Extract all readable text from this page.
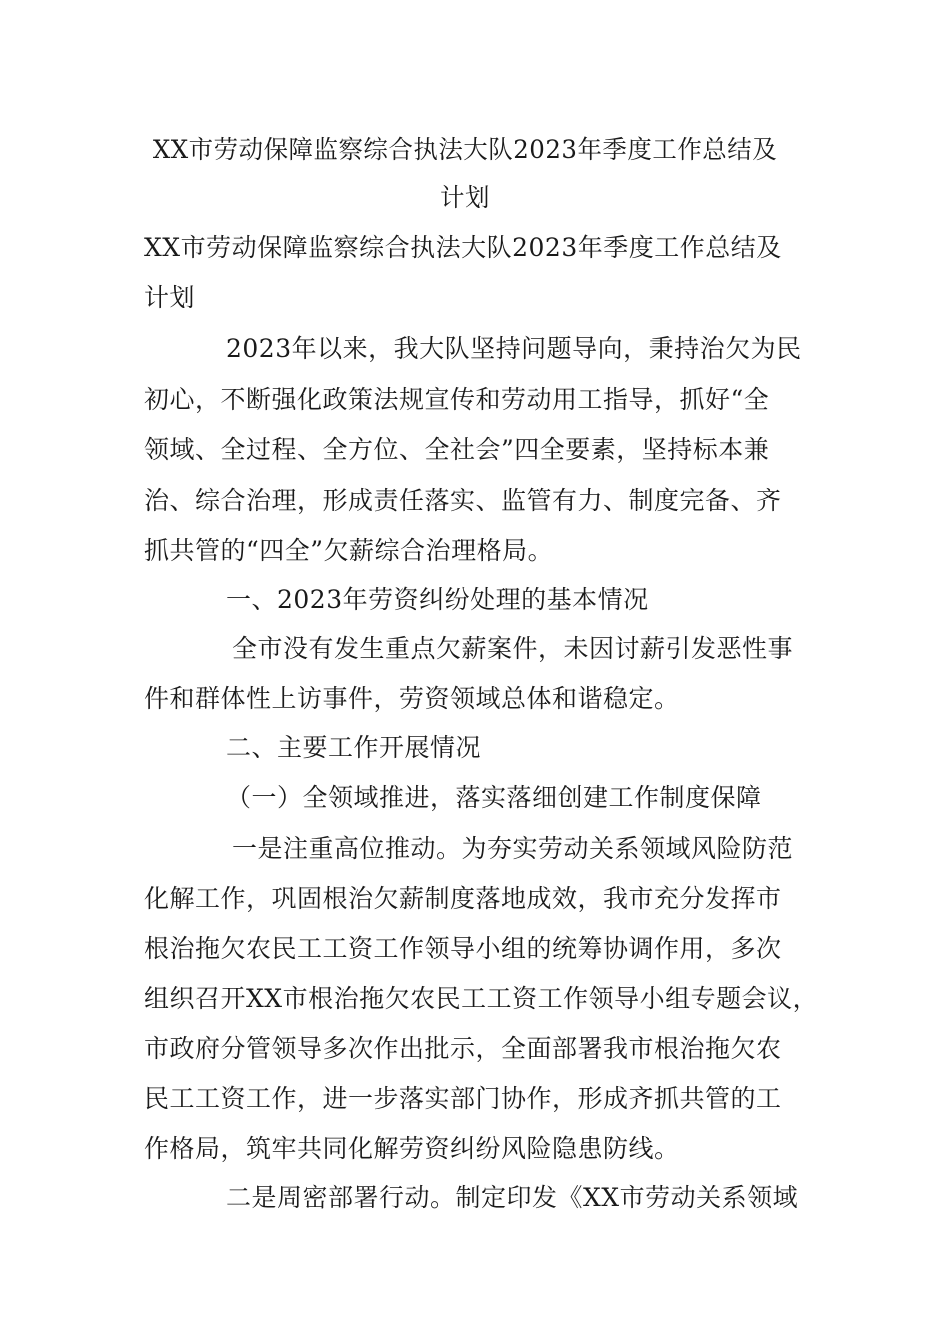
XX市劳动保障监察综合执法大队2023年季度工作总结及
计划
XX市劳动保障监察综合执法大队2023年季度工作总结及
计划
2023年以来，我大队坚持问题导向，秉持治欠为民
初心，不断强化政策法规宣传和劳动用工指导，抓好“全
领域、全过程、全方位、全社会”四全要素，坚持标本兼
治、综合治理，形成责任落实、监管有力、制度完备、齐
抓共管的“四全”欠薪综合治理格局。
一、2023年劳资纠纷处理的基本情况
全市没有发生重点欠薪案件，未因讨薪引发恶性事
件和群体性上访事件，劳资领域总体和谐稳定。
二、主要工作开展情况
（一）全领域推进，落实落细创建工作制度保障
一是注重高位推动。为夯实劳动关系领域风险防范
化解工作，巩固根治欠薪制度落地成效，我市充分发挥市
根治拖欠农民工工资工作领导小组的统筹协调作用，多次
组织召开XX市根治拖欠农民工工资工作领导小组专题会议，
市政府分管领导多次作出批示，全面部署我市根治拖欠农
民工工资工作，进一步落实部门协作，形成齐抓共管的工
作格局，筑牢共同化解劳资纠纷风险隐患防线。
二是周密部署行动。制定印发《XX市劳动关系领域
